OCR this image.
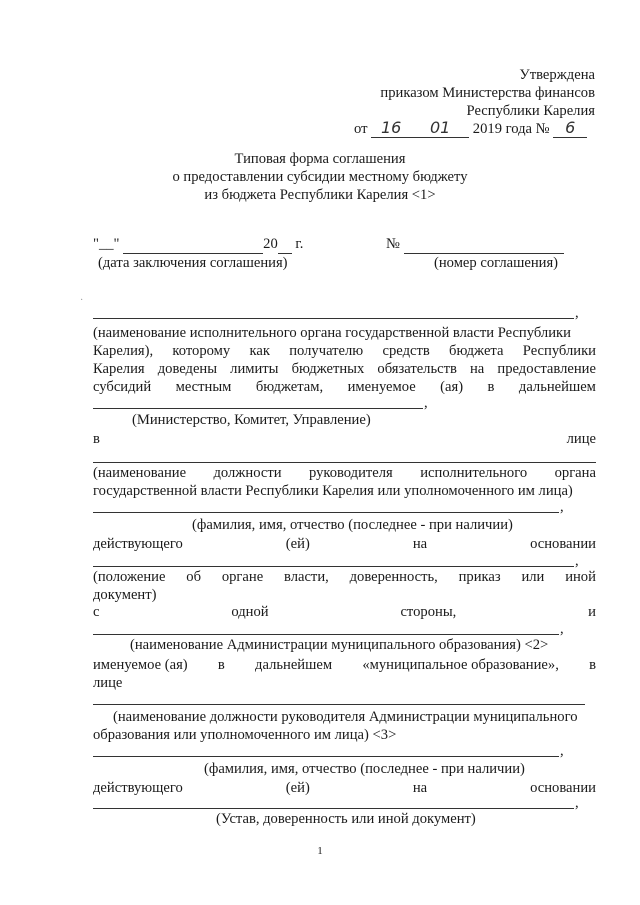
Утверждена
приказом Министерства финансов
Республики Карелия
от 16 01 2019 года № 6
Типовая форма соглашения
о предоставлении субсидии местному бюджету
из бюджета Республики Карелия <1>
"__"	20 г.	№
(дата заключения соглашения)	(номер соглашения)
·
,
(наименование исполнительного органа государственной власти Республики
Карелия), которому как получателю средств бюджета Республики
Карелия доведены лимиты бюджетных обязательств на предоставление
субсидий местным бюджетам, именуемое (ая) в дальнейшем
,
(Министерство, Комитет, Управление)
в	лице
(наименование должности руководителя исполнительного органа
государственной власти Республики Карелия или уполномоченного им лица)
,
(фамилия, имя, отчество (последнее - при наличии)
действующего	(ей)	на	основании
,
(положение об органе власти, доверенность, приказ или иной
документ)
с	одной	стороны,	и
,
(наименование Администрации муниципального образования) <2>
именуемое (ая) в дальнейшем «муниципальное образование», в
лице
(наименование должности руководителя Администрации муниципального
образования или уполномоченного им лица) <3>
,
(фамилия, имя, отчество (последнее - при наличии)
действующего	(ей)	на	основании
,
(Устав, доверенность или иной документ)
1
